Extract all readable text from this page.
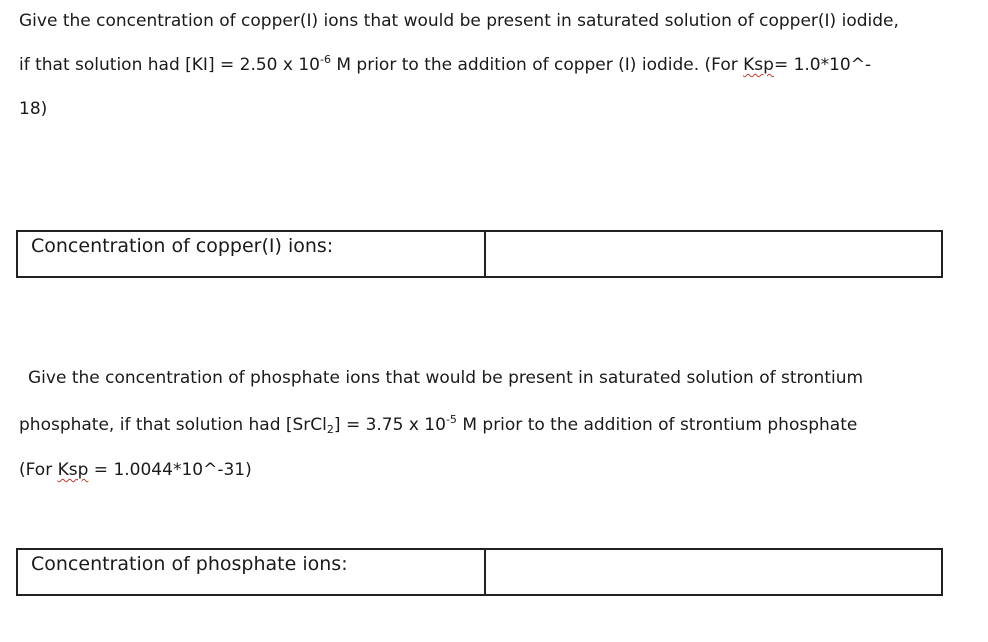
Give the concentration of copper(I) ions that would be present in saturated solution of copper(I) iodide,
if that solution had [KI] = 2.50 x $10^{-6}$ M prior to the addition of copper (I) iodide. (For Ksp= 1.0*10^-
18)
Concentration of copper(I) ions:
Give the concentration of phosphate ions that would be present in saturated solution of strontium
phosphate, if that solution had [SrCl2] = 3.75 x $10^{-5}$ M prior to the addition of strontium phosphate
(For Ksp = 1.0044*10^-31)
Concentration of phosphate ions:
